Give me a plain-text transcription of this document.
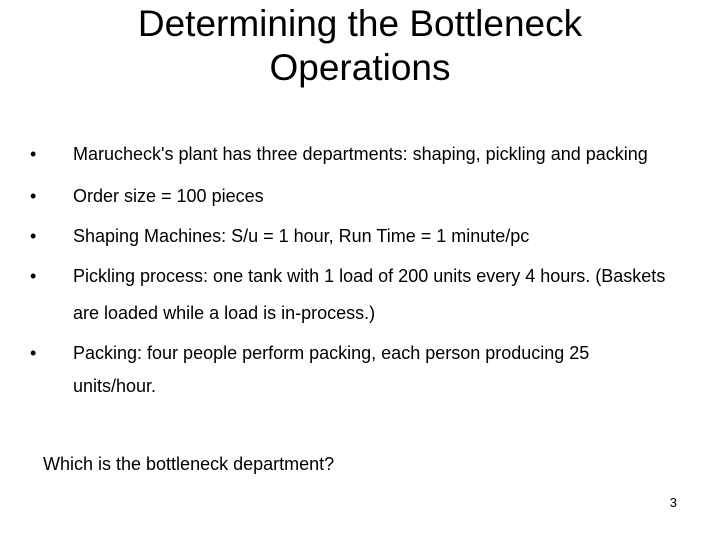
Determining the Bottleneck
Operations
•	Marucheck's plant has three departments: shaping, pickling and packing
•	Order size = 100 pieces
•	Shaping Machines: S/u = 1 hour, Run Time = 1 minute/pc
•	Pickling process: one tank with 1 load of 200 units every 4 hours. (Baskets are loaded while a load is in-process.)
•	Packing: four people perform packing, each person producing 25 units/hour.

Which is the bottleneck department?

3
